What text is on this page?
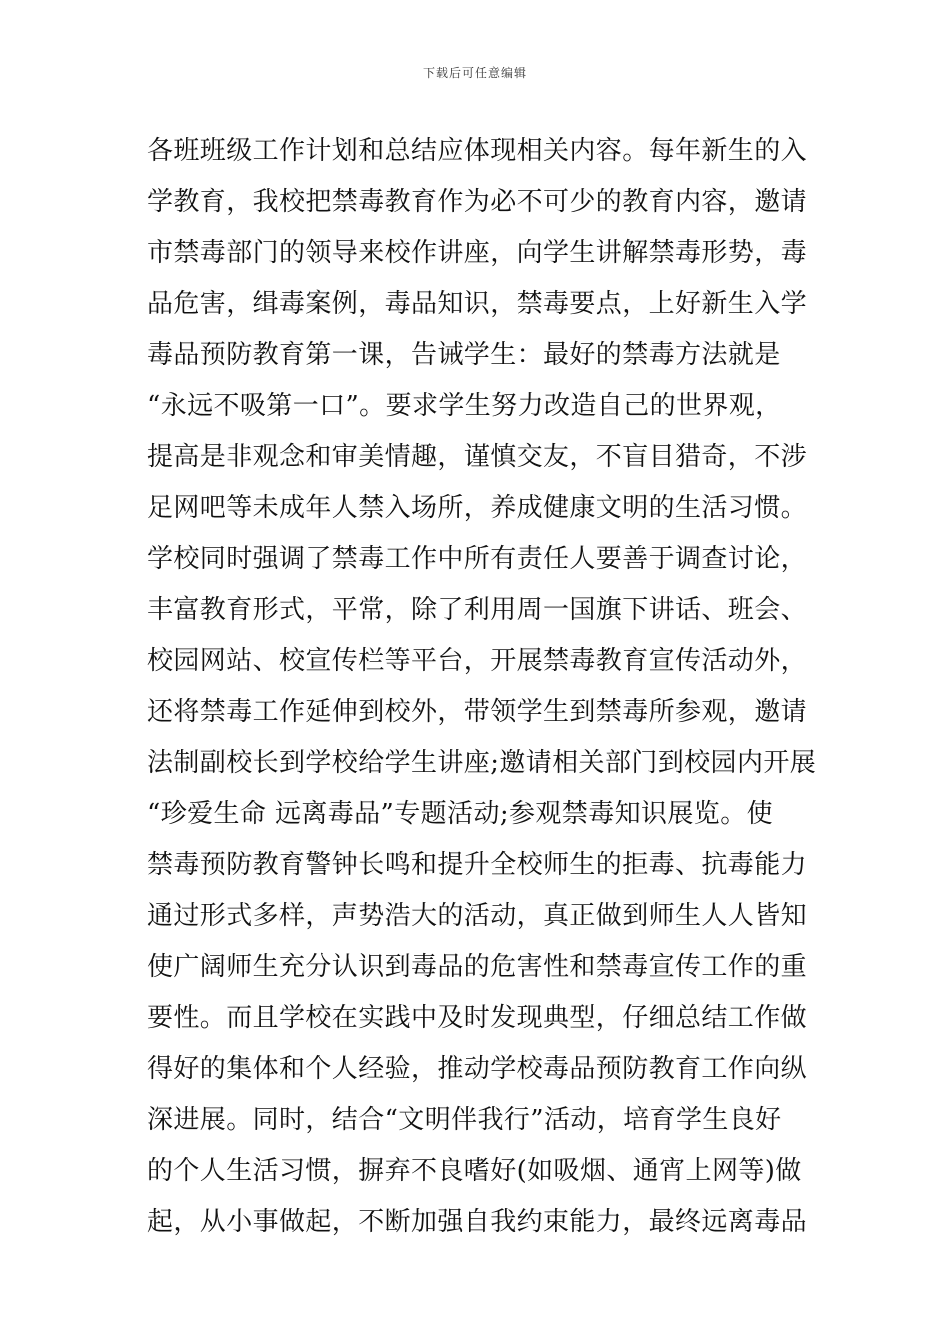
下载后可任意编辑
各班班级工作计划和总结应体现相关内容。每年新生的入
学教育，我校把禁毒教育作为必不可少的教育内容，邀请
市禁毒部门的领导来校作讲座，向学生讲解禁毒形势，毒
品危害，缉毒案例，毒品知识，禁毒要点，上好新生入学
毒品预防教育第一课，告诫学生：最好的禁毒方法就是
“永远不吸第一口”。要求学生努力改造自己的世界观，
提高是非观念和审美情趣，谨慎交友，不盲目猎奇，不涉
足网吧等未成年人禁入场所，养成健康文明的生活习惯。
学校同时强调了禁毒工作中所有责任人要善于调查讨论，
丰富教育形式，平常，除了利用周一国旗下讲话、班会、
校园网站、校宣传栏等平台，开展禁毒教育宣传活动外，
还将禁毒工作延伸到校外，带领学生到禁毒所参观，邀请
法制副校长到学校给学生讲座;邀请相关部门到校园内开展
“珍爱生命 远离毒品”专题活动;参观禁毒知识展览。使
禁毒预防教育警钟长鸣和提升全校师生的拒毒、抗毒能力
通过形式多样，声势浩大的活动，真正做到师生人人皆知
使广阔师生充分认识到毒品的危害性和禁毒宣传工作的重
要性。而且学校在实践中及时发现典型，仔细总结工作做
得好的集体和个人经验，推动学校毒品预防教育工作向纵
深进展。同时，结合“文明伴我行”活动，培育学生良好
的个人生活习惯，摒弃不良嗜好(如吸烟、通宵上网等)做
起，从小事做起，不断加强自我约束能力，最终远离毒品
